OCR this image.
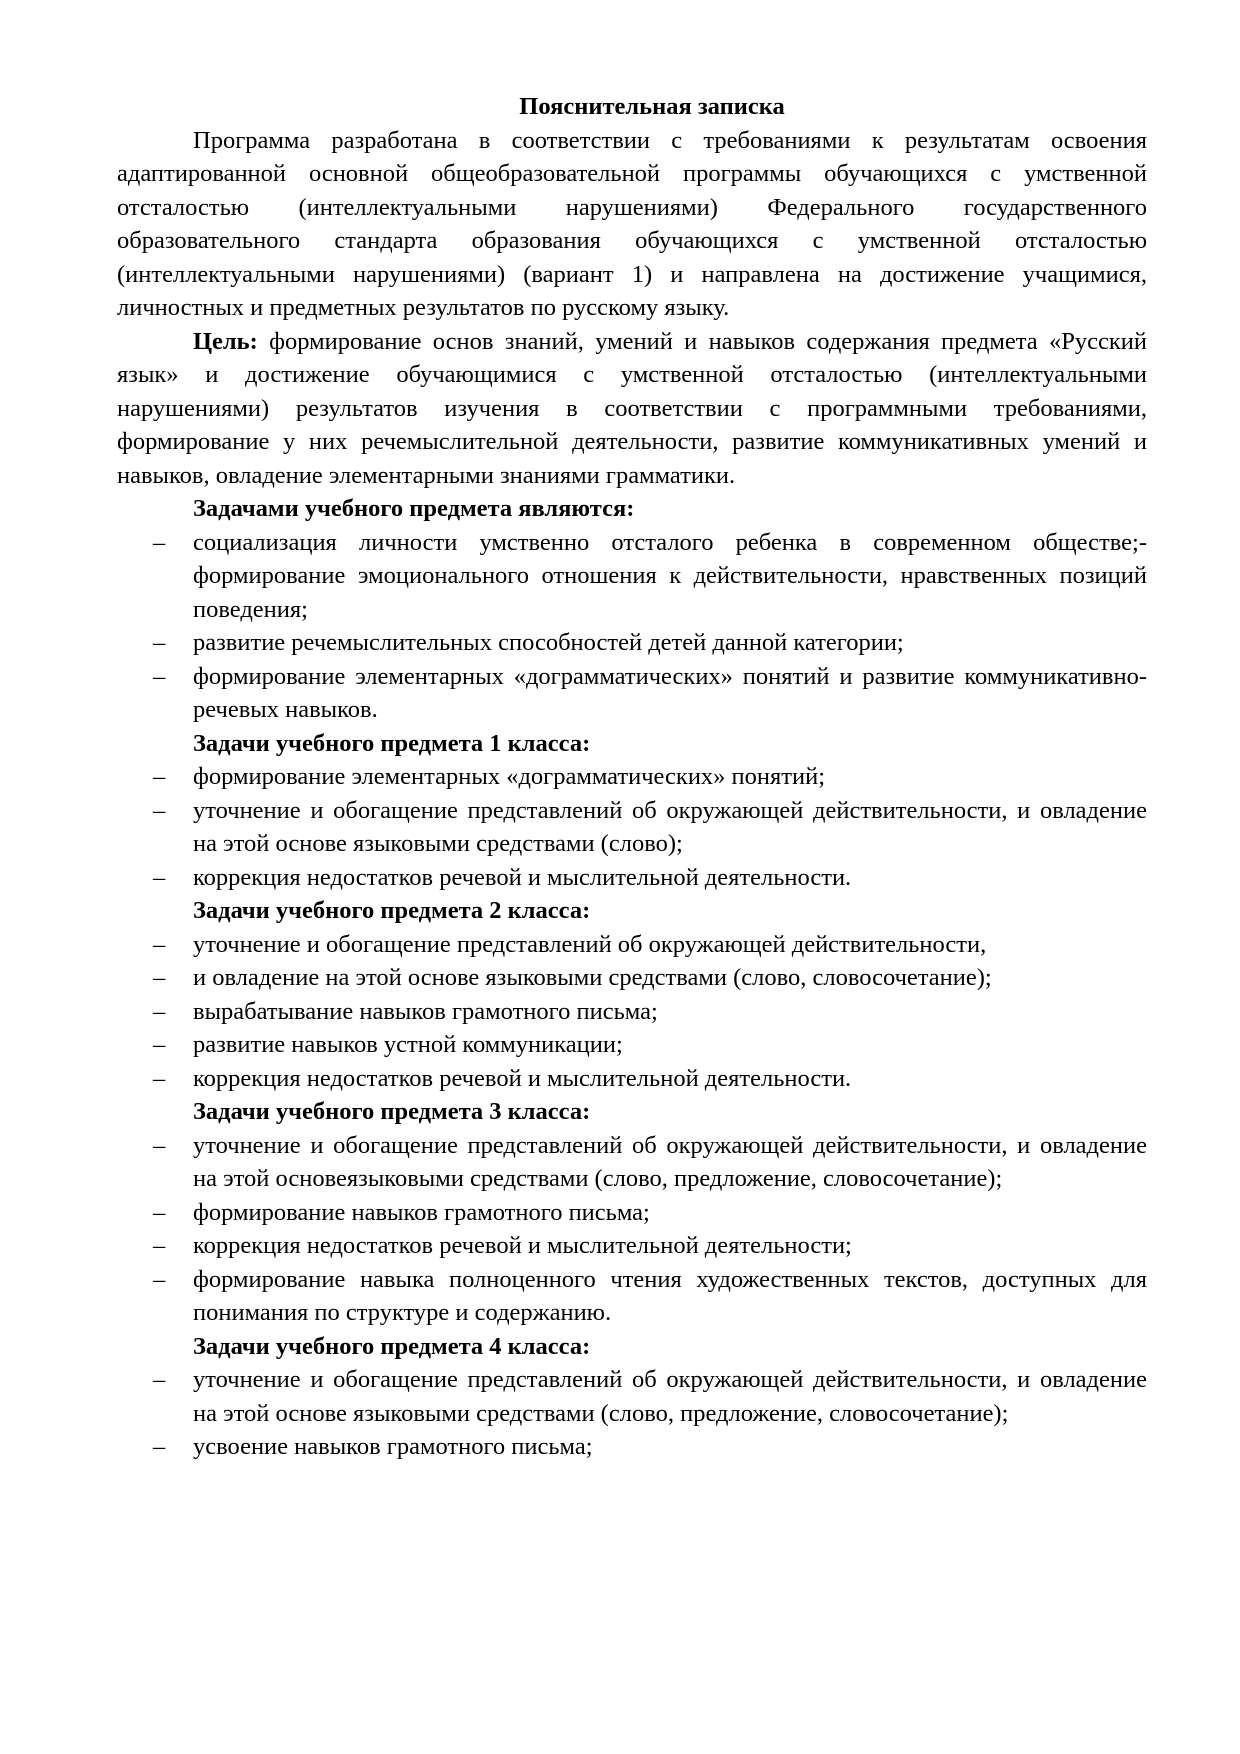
Пояснительная записка

Программа разработана в соответствии с требованиями к результатам освоения адаптированной основной общеобразовательной программы обучающихся с умственной отсталостью (интеллектуальными нарушениями) Федерального государственного образовательного стандарта образования обучающихся с умственной отсталостью (интеллектуальными нарушениями) (вариант 1) и направлена на достижение учащимися, личностных и предметных результатов по русскому языку.

Цель: формирование основ знаний, умений и навыков содержания предмета «Русский язык» и достижение обучающимися с умственной отсталостью (интеллектуальными нарушениями) результатов изучения в соответствии с программными требованиями, формирование у них речемыслительной деятельности, развитие коммуникативных умений и навыков, овладение элементарными знаниями грамматики.

Задачами учебного предмета являются:

– социализация личности умственно отсталого ребенка в современном обществе;- формирование эмоционального отношения к действительности, нравственных позиций поведения;
– развитие речемыслительных способностей детей данной категории;
– формирование элементарных «дограмматических» понятий и развитие коммуникативно-речевых навыков.

Задачи учебного предмета 1 класса:

– формирование элементарных «дограмматических» понятий;
– уточнение и обогащение представлений об окружающей действительности, и овладение на этой основе языковыми средствами (слово);
– коррекция недостатков речевой и мыслительной деятельности.

Задачи учебного предмета 2 класса:

– уточнение и обогащение представлений об окружающей действительности,
– и овладение на этой основе языковыми средствами (слово, словосочетание);
– вырабатывание навыков грамотного письма;
– развитие навыков устной коммуникации;
– коррекция недостатков речевой и мыслительной деятельности.

Задачи учебного предмета 3 класса:

– уточнение и обогащение представлений об окружающей действительности, и овладение на этой основеязыковыми средствами (слово, предложение, словосочетание);
– формирование навыков грамотного письма;
– коррекция недостатков речевой и мыслительной деятельности;
– формирование навыка полноценного чтения художественных текстов, доступных для понимания по структуре и содержанию.

Задачи учебного предмета 4 класса:

– уточнение и обогащение представлений об окружающей действительности, и овладение на этой основе языковыми средствами (слово, предложение, словосочетание);
– усвоение навыков грамотного письма;
